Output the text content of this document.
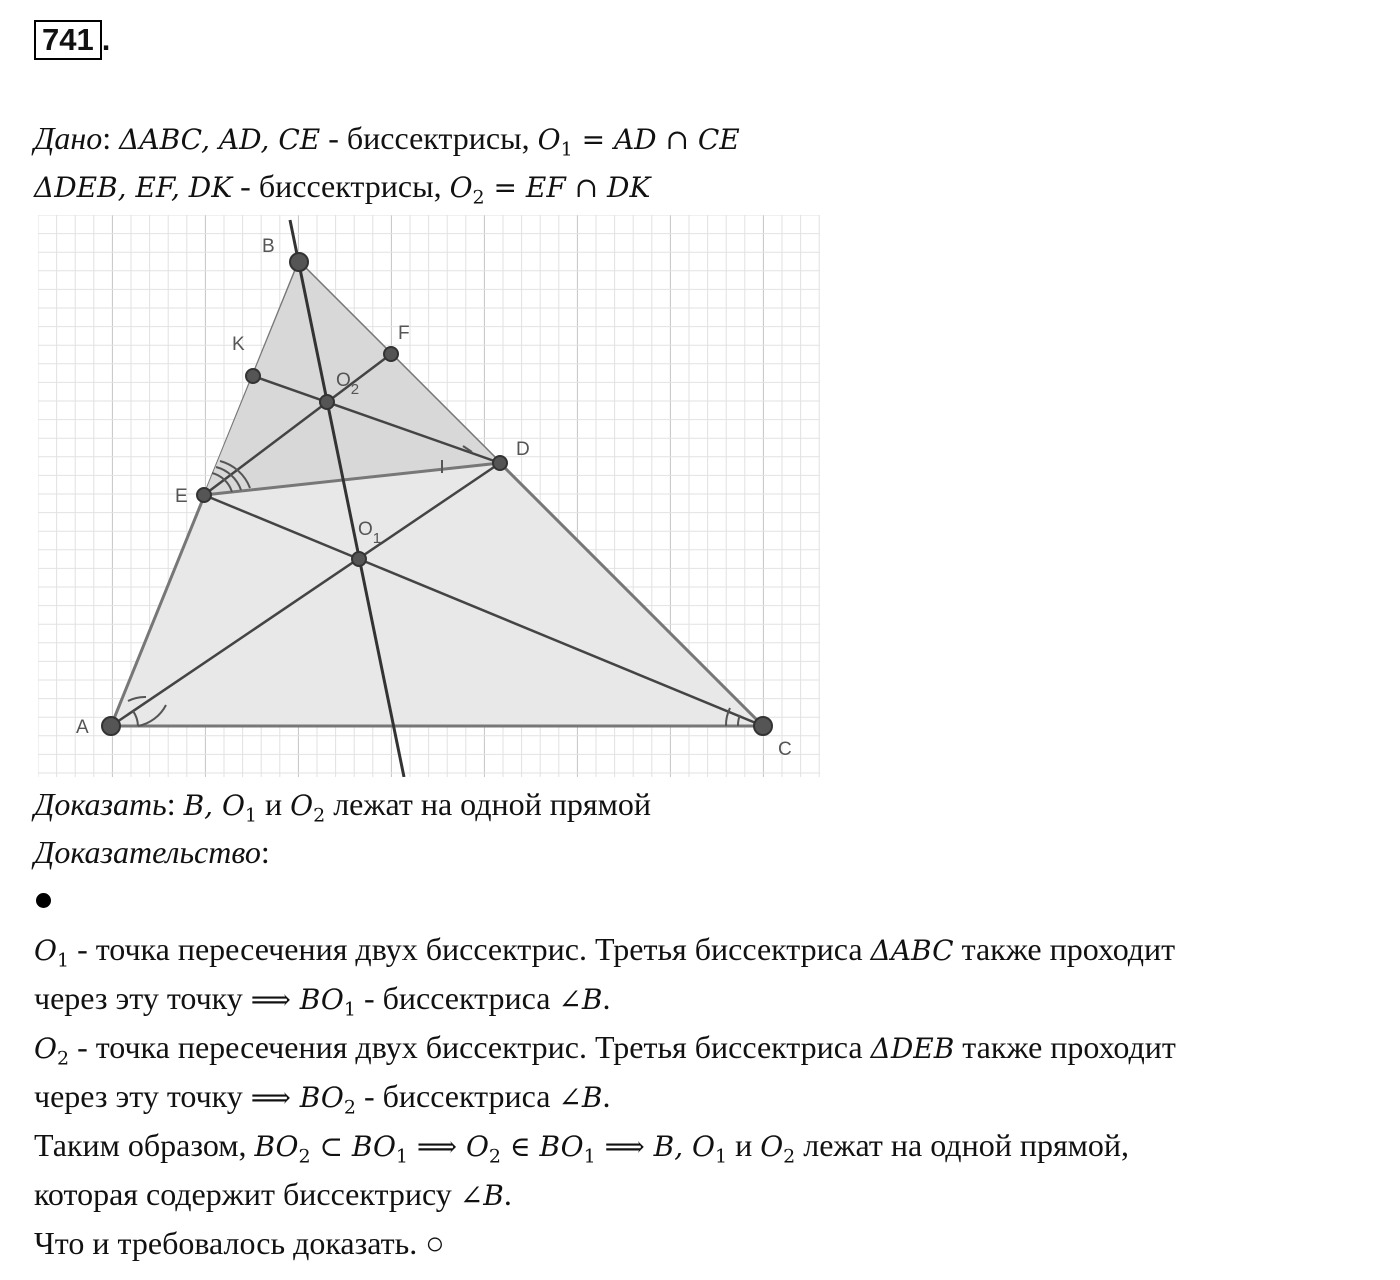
741 .
Дано: ΔABC, AD, CE - биссектрисы, $O_1$ = AD ∩ CE
ΔDEB, EF, DK - биссектрисы, $O_2$ = EF ∩ DK
B
K
F
$O_2$
D
E
$O_1$
A
C
Доказать: B, $O_1$ и $O_2$ лежат на одной прямой
Доказательство:
$O_1$ - точка пересечения двух биссектрис. Третья биссектриса ΔABC также проходит
через эту точку ⟹ $BO_1$ - биссектриса ∠B.
$O_2$ - точка пересечения двух биссектрис. Третья биссектриса ΔDEB также проходит
через эту точку ⟹ $BO_2$ - биссектриса ∠B.
Таким образом, $BO_2$ ⊂ $BO_1$ ⟹ $O_2$ ∈ $BO_1$ ⟹ B, $O_1$ и $O_2$ лежат на одной прямой,
которая содержит биссектрису ∠B.
Что и требовалось доказать. ○
